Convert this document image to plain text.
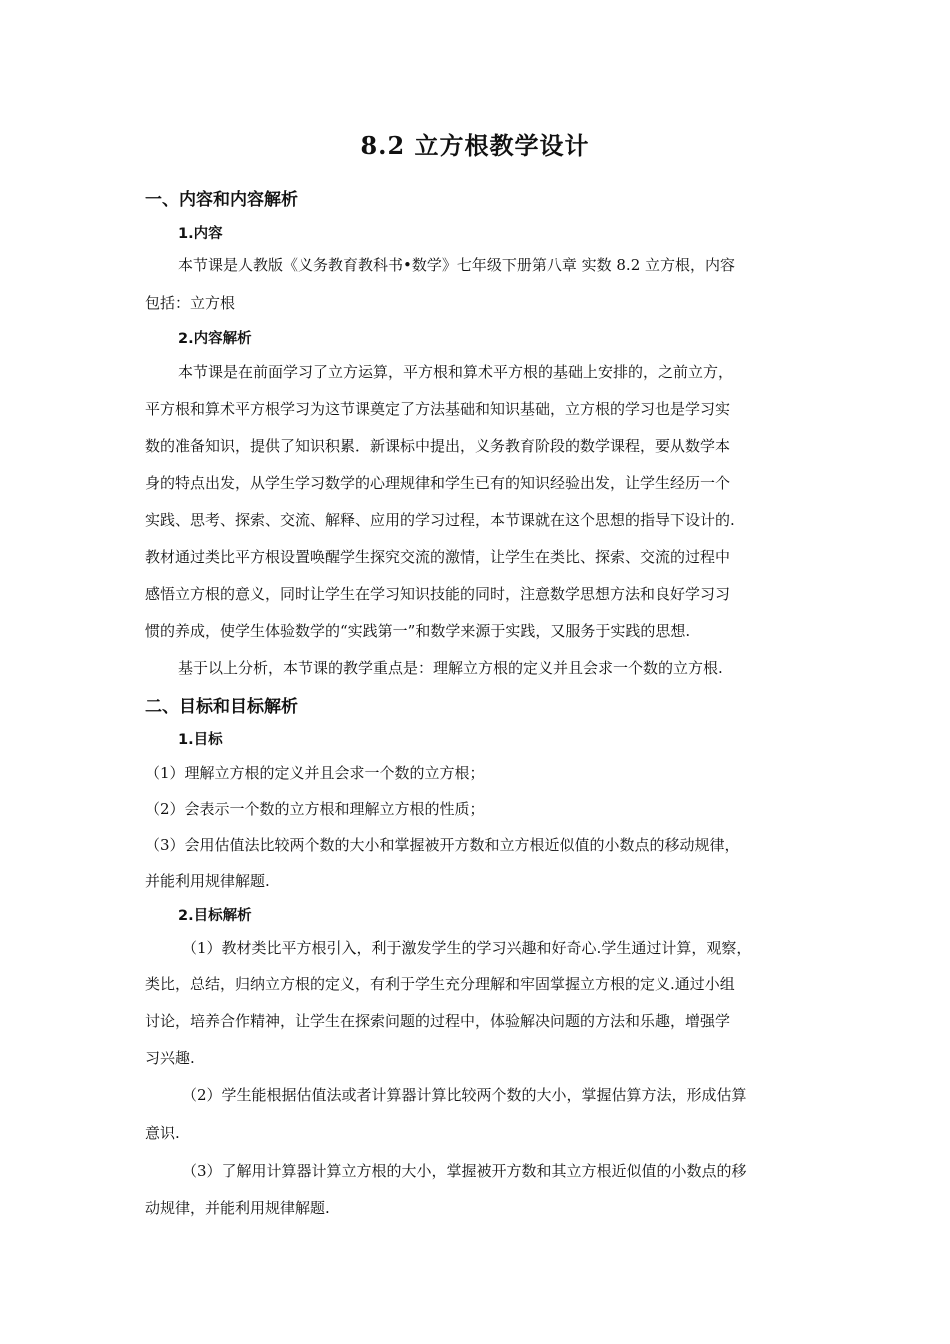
8.2 立方根教学设计
一、内容和内容解析
1.内容
本节课是人教版《义务教育教科书•数学》七年级下册第八章 实数 8.2 立方根，内容
包括：立方根
2.内容解析
本节课是在前面学习了立方运算，平方根和算术平方根的基础上安排的，之前立方，
平方根和算术平方根学习为这节课奠定了方法基础和知识基础，立方根的学习也是学习实
数的准备知识，提供了知识积累．新课标中提出，义务教育阶段的数学课程，要从数学本
身的特点出发，从学生学习数学的心理规律和学生已有的知识经验出发，让学生经历一个
实践、思考、探索、交流、解释、应用的学习过程，本节课就在这个思想的指导下设计的.
教材通过类比平方根设置唤醒学生探究交流的激情，让学生在类比、探索、交流的过程中
感悟立方根的意义，同时让学生在学习知识技能的同时，注意数学思想方法和良好学习习
惯的养成，使学生体验数学的“实践第一”和数学来源于实践，又服务于实践的思想.
基于以上分析，本节课的教学重点是：理解立方根的定义并且会求一个数的立方根.
二、目标和目标解析
1.目标
（1）理解立方根的定义并且会求一个数的立方根；
（2）会表示一个数的立方根和理解立方根的性质；
（3）会用估值法比较两个数的大小和掌握被开方数和立方根近似值的小数点的移动规律，
并能利用规律解题.
2.目标解析
（1）教材类比平方根引入，利于激发学生的学习兴趣和好奇心.学生通过计算，观察，
类比，总结，归纳立方根的定义，有利于学生充分理解和牢固掌握立方根的定义.通过小组
讨论，培养合作精神，让学生在探索问题的过程中，体验解决问题的方法和乐趣，增强学
习兴趣.
（2）学生能根据估值法或者计算器计算比较两个数的大小，掌握估算方法，形成估算
意识.
（3）了解用计算器计算立方根的大小，掌握被开方数和其立方根近似值的小数点的移
动规律，并能利用规律解题.
